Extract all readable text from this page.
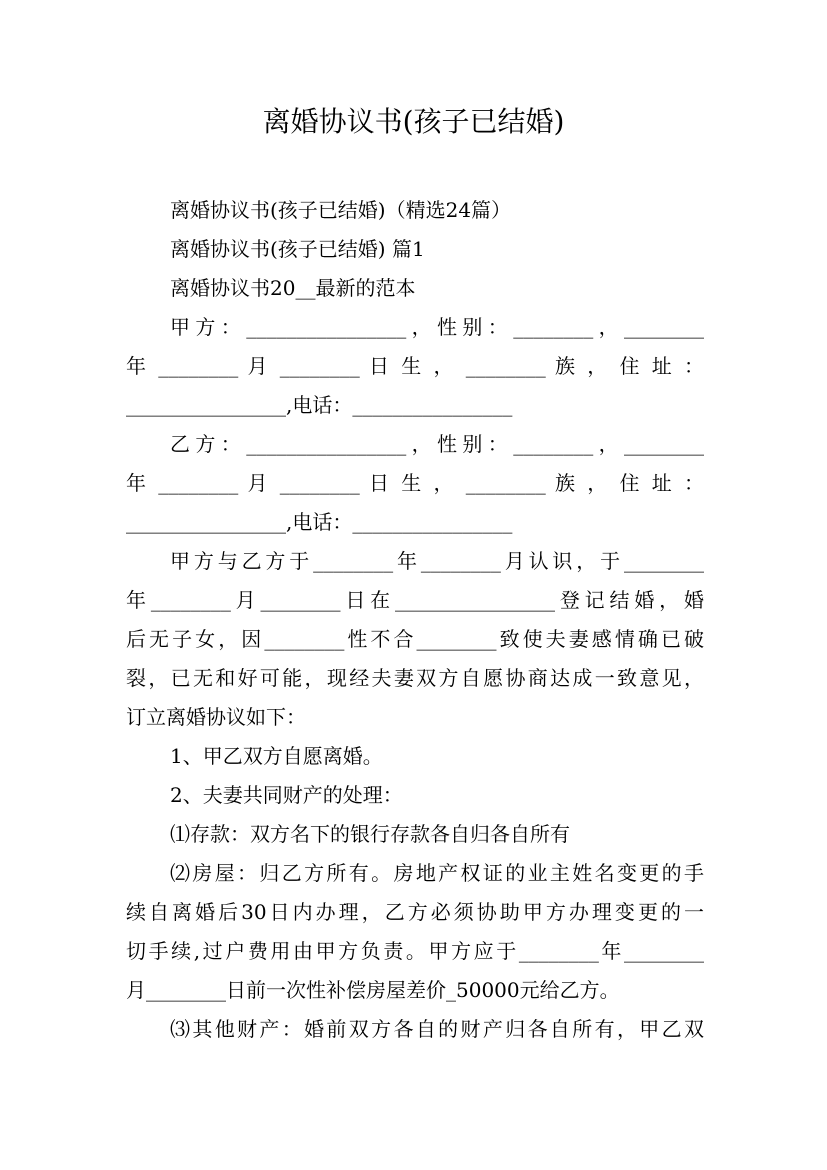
离婚协议书(孩子已结婚)
离婚协议书(孩子已结婚)（精选24篇）
离婚协议书(孩子已结婚) 篇1
离婚协议书20__最新的范本
甲方：________________，性别：________，________
年 ________ 月 ________ 日 生 ， ________ 族 ， 住 址 ：
________________,电话：________________
乙方：________________，性别：________，________
年 ________ 月 ________ 日 生 ， ________ 族 ， 住 址 ：
________________,电话：________________
甲方与乙方于________年________月认识，于________
年________月________日在________________登记结婚，婚
后无子女，因________性不合________致使夫妻感情确已破
裂，已无和好可能，现经夫妻双方自愿协商达成一致意见，
订立离婚协议如下：
1、甲乙双方自愿离婚。
2、夫妻共同财产的处理：
⑴存款：双方名下的银行存款各自归各自所有
⑵房屋：归乙方所有。房地产权证的业主姓名变更的手
续自离婚后30日内办理，乙方必须协助甲方办理变更的一
切手续,过户费用由甲方负责。甲方应于________年________
月________日前一次性补偿房屋差价_50000元给乙方。
⑶其他财产：婚前双方各自的财产归各自所有，甲乙双
